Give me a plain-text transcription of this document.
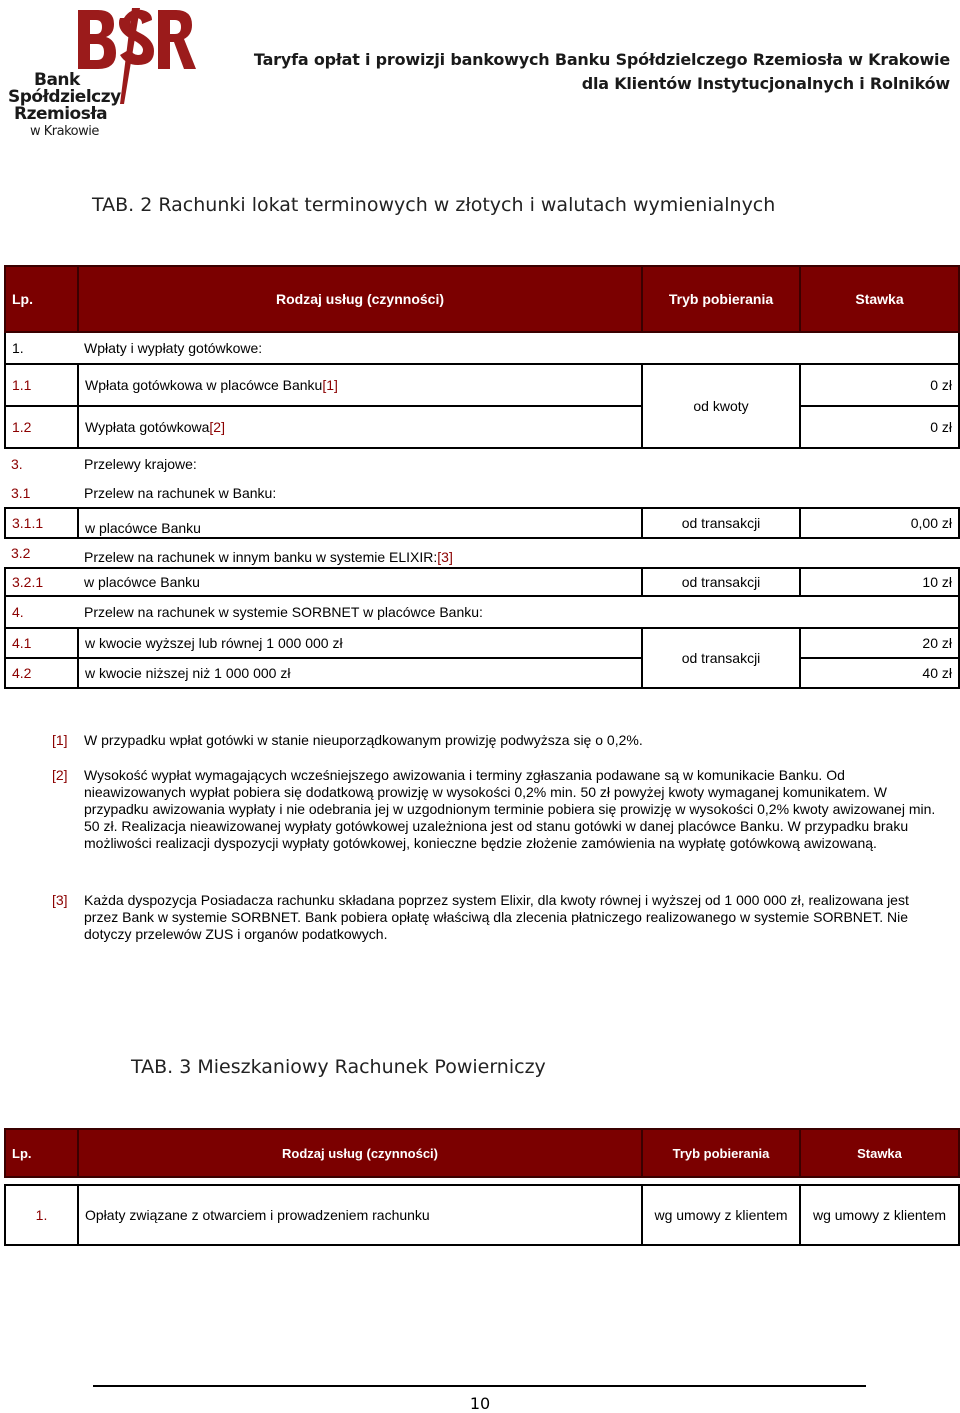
Bank
Spółdzielczy
Rzemiosła
w Krakowie
Taryfa opłat i prowizji bankowych Banku Spółdzielczego Rzemiosła w Krakowie
dla Klientów Instytucjonalnych i Rolników
TAB. 2 Rachunki lokat terminowych w złotych i walutach wymienialnych
Lp.	Rodzaj usług (czynności)	Tryb pobierania	Stawka
1.	Wpłaty i wypłaty gotówkowe:		
1.1	Wpłata gotówkowa w placówce Banku[1]	od kwoty	0 zł
1.2	Wypłata gotówkowa[2]		0 zł
3.	Przelewy krajowe:		
3.1	Przelew na rachunek w Banku:		
3.1.1	w placówce Banku	od transakcji	0,00 zł
3.2	Przelew na rachunek w innym banku w systemie ELIXIR:[3]		
3.2.1	w placówce Banku	od transakcji	10 zł
4.	Przelew na rachunek w systemie SORBNET w placówce Banku:		
4.1	w kwocie wyższej lub równej 1 000 000 zł	od transakcji	20 zł
4.2	w kwocie niższej niż 1 000 000 zł		40 zł
[1]	W przypadku wpłat gotówki w stanie nieuporządkowanym prowizję podwyższa się o 0,2%.
[2]	Wysokość wypłat wymagających wcześniejszego awizowania i terminy zgłaszania podawane są w komunikacie Banku. Od nieawizowanych wypłat pobiera się dodatkową prowizję w wysokości 0,2% min. 50 zł powyżej kwoty wymaganej komunikatem. W przypadku awizowania wypłaty i nie odebrania jej w uzgodnionym terminie pobiera się prowizję w wysokości 0,2% kwoty awizowanej min. 50 zł. Realizacja nieawizowanej wypłaty gotówkowej uzależniona jest od stanu gotówki w danej placówce Banku. W przypadku braku możliwości realizacji dyspozycji wypłaty gotówkowej, konieczne będzie złożenie zamówienia na wypłatę gotówkową awizowaną.
[3]	Każda dyspozycja Posiadacza rachunku składana poprzez system Elixir, dla kwoty równej i wyższej od 1 000 000 zł, realizowana jest przez Bank w systemie SORBNET. Bank pobiera opłatę właściwą dla zlecenia płatniczego realizowanego w systemie SORBNET. Nie dotyczy przelewów ZUS i organów podatkowych.
TAB. 3 Mieszkaniowy Rachunek Powierniczy
Lp.	Rodzaj usług (czynności)	Tryb pobierania	Stawka

1.	Opłaty związane z otwarciem i prowadzeniem rachunku	wg umowy z klientem	wg umowy z klientem
10
